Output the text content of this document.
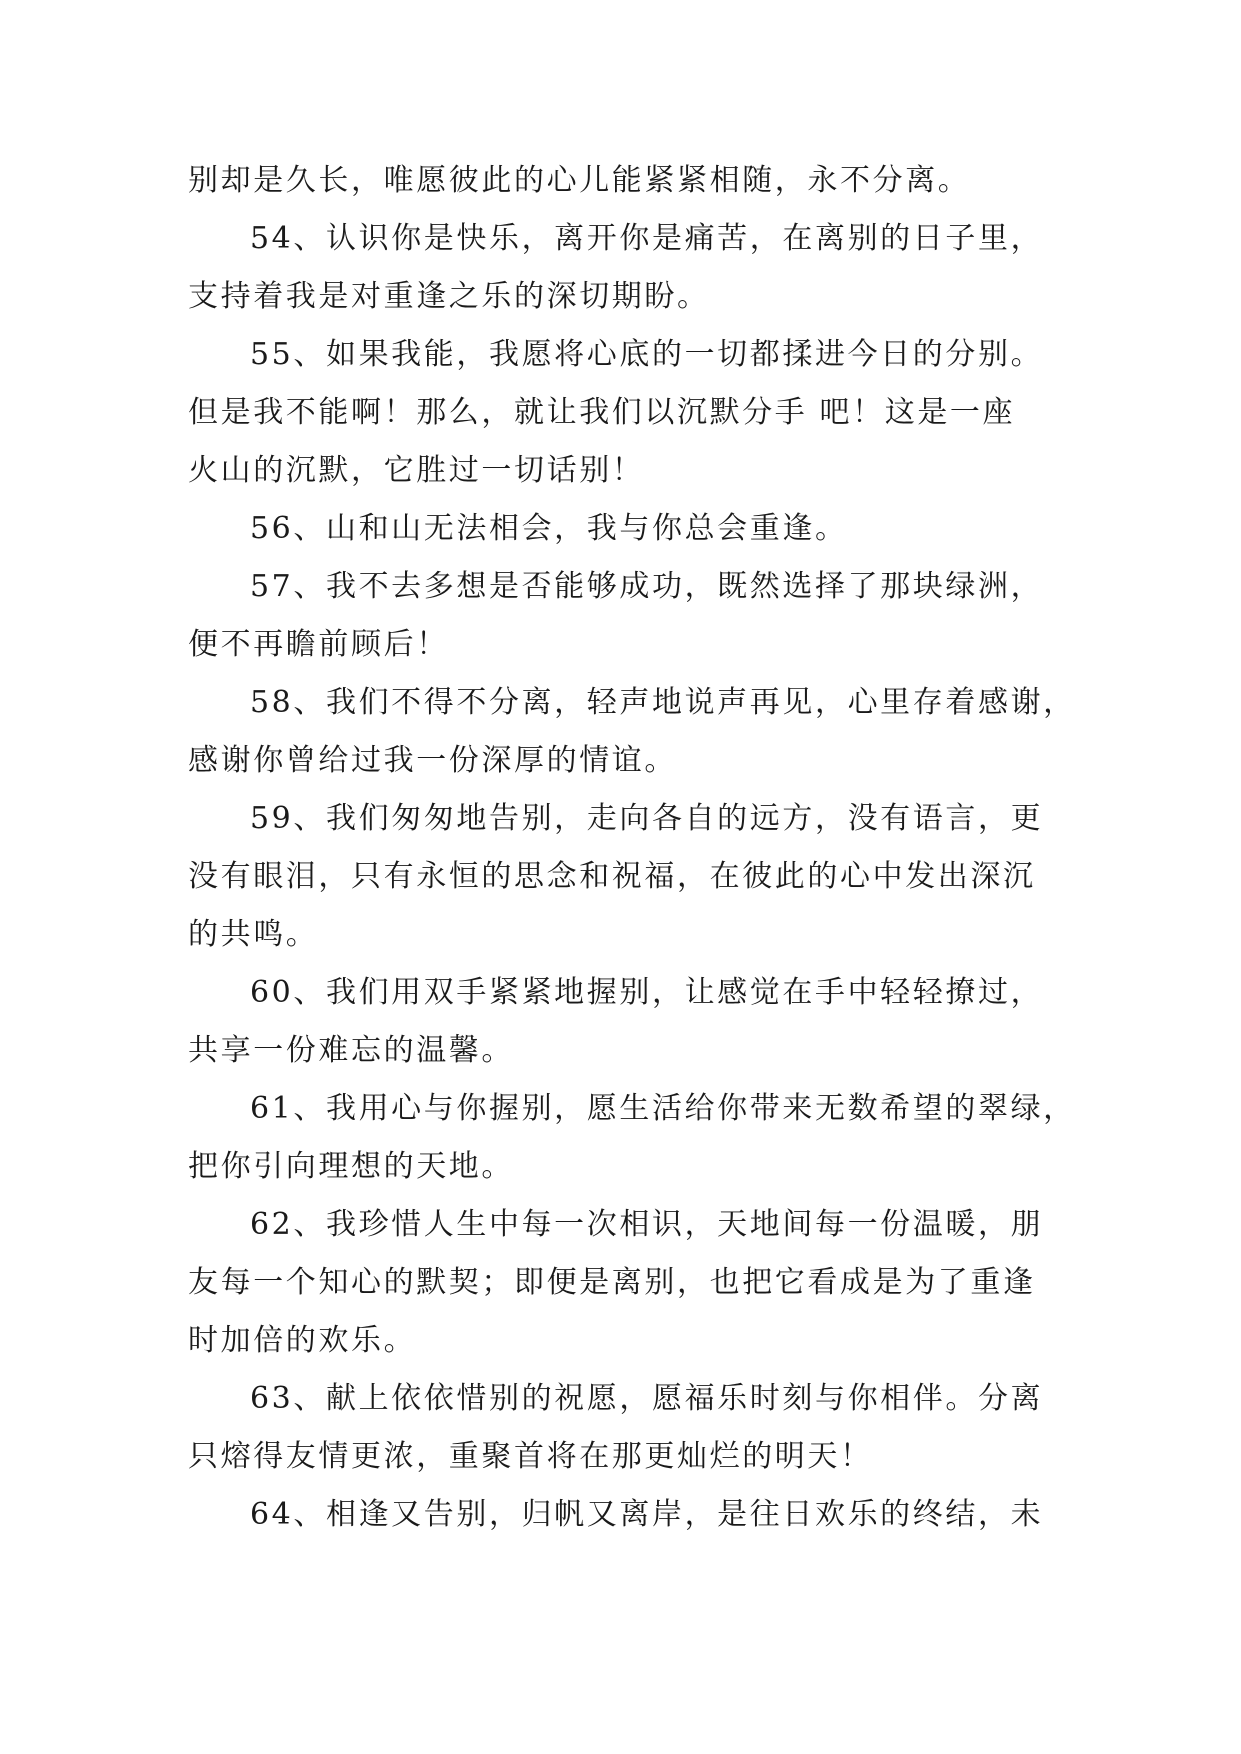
别却是久长，唯愿彼此的心儿能紧紧相随，永不分离。
54、认识你是快乐，离开你是痛苦，在离别的日子里，
支持着我是对重逢之乐的深切期盼。
55、如果我能，我愿将心底的一切都揉进今日的分别。
但是我不能啊！那么，就让我们以沉默分手 吧！这是一座
火山的沉默，它胜过一切话别！
56、山和山无法相会，我与你总会重逢。
57、我不去多想是否能够成功，既然选择了那块绿洲，
便不再瞻前顾后！
58、我们不得不分离，轻声地说声再见，心里存着感谢，
感谢你曾给过我一份深厚的情谊。
59、我们匆匆地告别，走向各自的远方，没有语言，更
没有眼泪，只有永恒的思念和祝福，在彼此的心中发出深沉
的共鸣。
60、我们用双手紧紧地握别，让感觉在手中轻轻撩过，
共享一份难忘的温馨。
61、我用心与你握别，愿生活给你带来无数希望的翠绿，
把你引向理想的天地。
62、我珍惜人生中每一次相识，天地间每一份温暖，朋
友每一个知心的默契；即便是离别，也把它看成是为了重逢
时加倍的欢乐。
63、献上依依惜别的祝愿，愿福乐时刻与你相伴。分离
只熔得友情更浓，重聚首将在那更灿烂的明天！
64、相逢又告别，归帆又离岸，是往日欢乐的终结，未
